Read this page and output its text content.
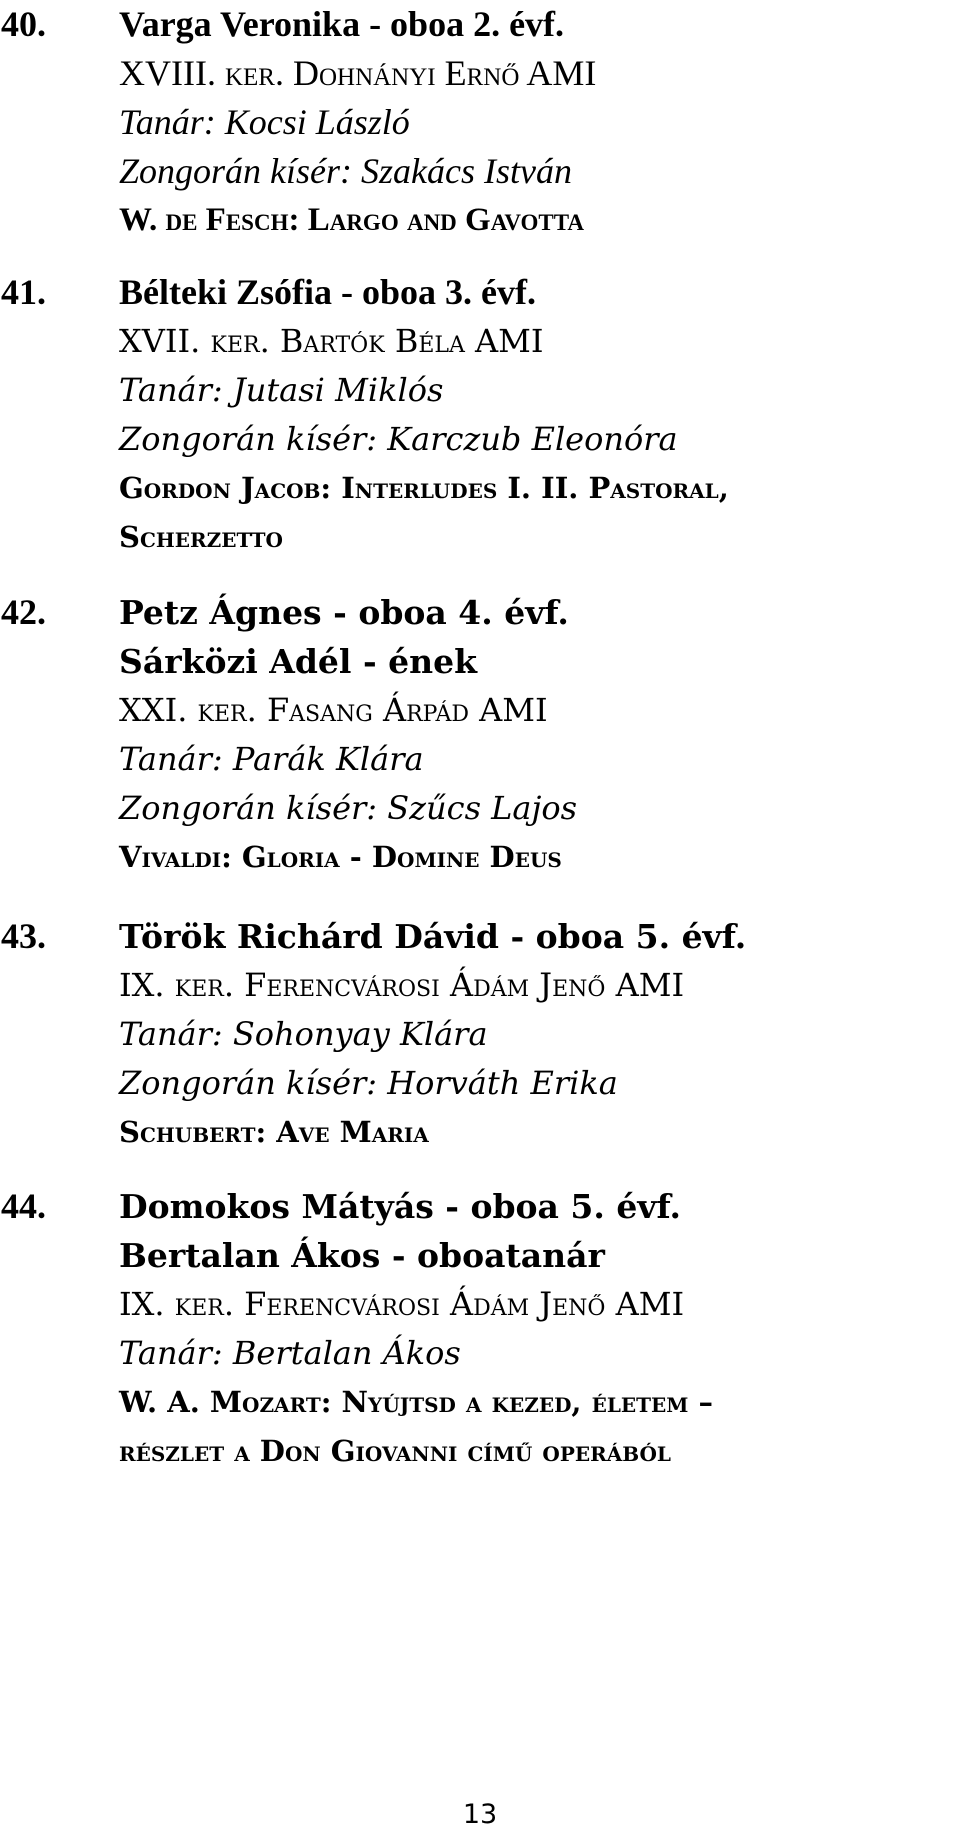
40. Varga Veronika - oboa 2. évf.
XVIII. ker. Dohnányi Ernő AMI
Tanár: Kocsi László
Zongorán kísér: Szakács István
W. de Fesch: Largo and Gavotta
41. Bélteki Zsófia - oboa 3. évf.
XVII. ker. Bartók Béla AMI
Tanár: Jutasi Miklós
Zongorán kísér: Karczub Eleonóra
Gordon Jacob: Interludes I. II. Pastoral,
Scherzetto
42. Petz Ágnes - oboa 4. évf.
Sárközi Adél - ének
XXI. ker. Fasang Árpád AMI
Tanár: Parák Klára
Zongorán kísér: Szűcs Lajos
Vivaldi: Gloria - Domine Deus
43. Török Richárd Dávid - oboa 5. évf.
IX. ker. Ferencvárosi Ádám Jenő AMI
Tanár: Sohonyay Klára
Zongorán kísér: Horváth Erika
Schubert: Ave Maria
44. Domokos Mátyás - oboa 5. évf.
Bertalan Ákos - oboatanár
IX. ker. Ferencvárosi Ádám Jenő AMI
Tanár: Bertalan Ákos
W. A. Mozart: Nyújtsd a kezed, életem –
részlet a Don Giovanni című operából
13
